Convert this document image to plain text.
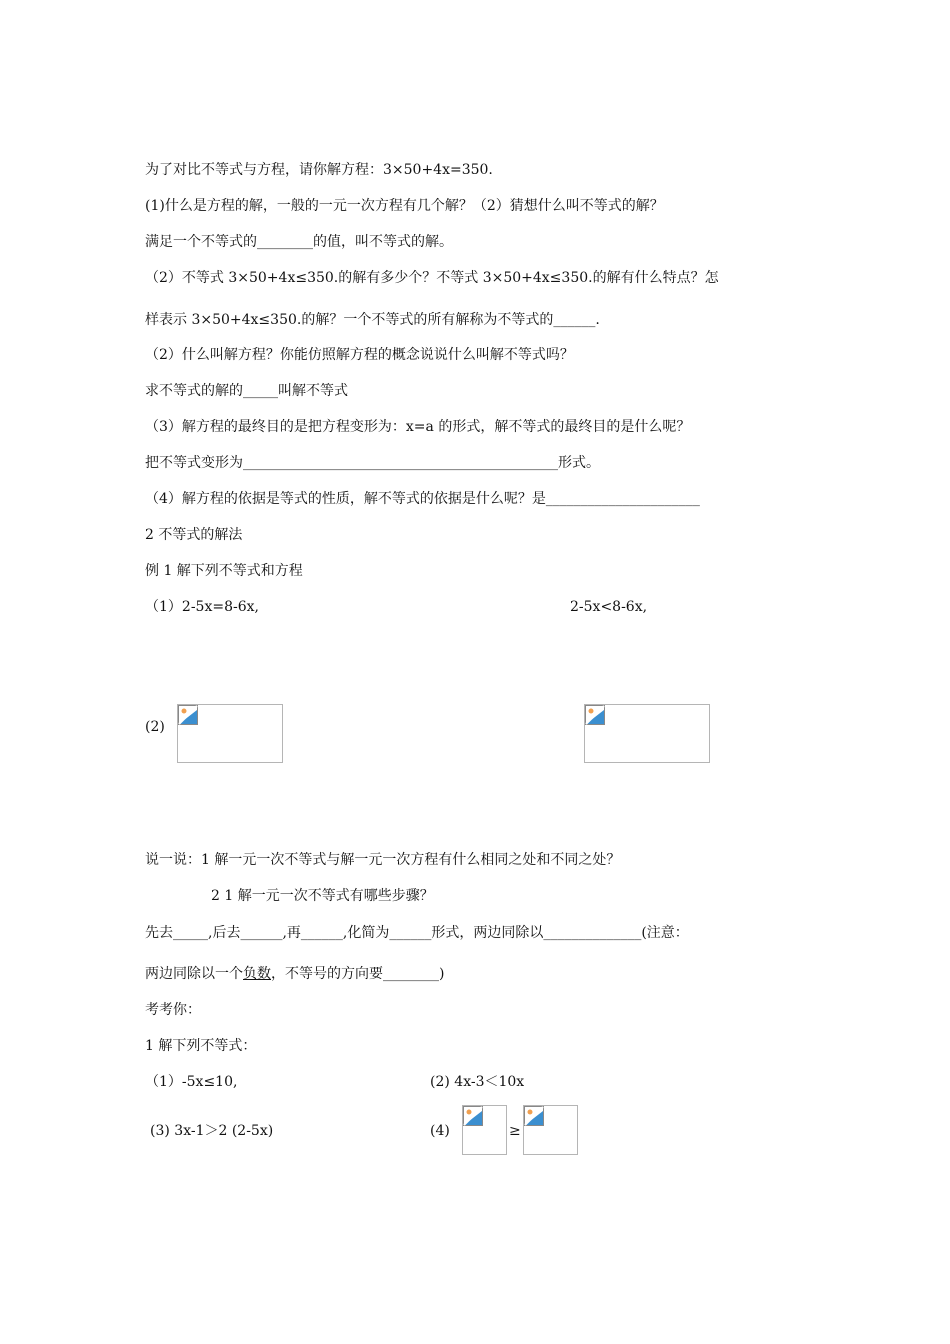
为了对比不等式与方程，请你解方程：3×50+4x=350.
(1)什么是方程的解，一般的一元一次方程有几个解？（2）猜想什么叫不等式的解？
满足一个不等式的________的值，叫不等式的解。
（2）不等式 3×50+4x≤350.的解有多少个？不等式 3×50+4x≤350.的解有什么特点？怎
样表示 3×50+4x≤350.的解？一个不等式的所有解称为不等式的______.
（2）什么叫解方程？你能仿照解方程的概念说说什么叫解不等式吗？
求不等式的解的_____叫解不等式
（3）解方程的最终目的是把方程变形为：x=a 的形式，解不等式的最终目的是什么呢？
把不等式变形为_____________________________________________形式。
（4）解方程的依据是等式的性质，解不等式的依据是什么呢？是______________________
2 不等式的解法
例 1 解下列不等式和方程
（1）2-5x=8-6x,	2-5x<8-6x,
(2)
说一说：1 解一元一次不等式与解一元一次方程有什么相同之处和不同之处？
2 1 解一元一次不等式有哪些步骤？
先去_____,后去______,再______,化简为______形式，两边同除以______________(注意：
两边同除以一个负数，不等号的方向要________)
考考你：
1 解下列不等式：
（1）-5x≤10,	(2) 4x-3＜10x
(3) 3x-1＞2 (2-5x)	(4)	≥
